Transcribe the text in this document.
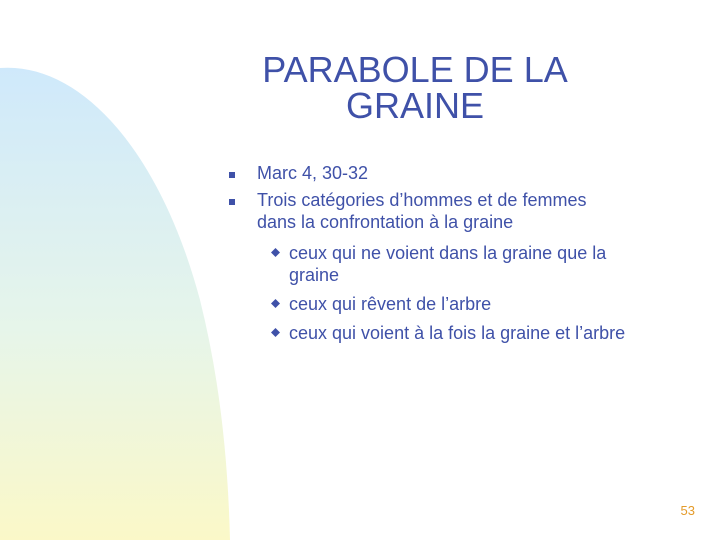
PARABOLE DE LA
GRAINE
Marc 4, 30-32
Trois catégories d’hommes et de femmes
dans la confrontation à la graine
ceux qui ne voient dans la graine que la
graine
ceux qui rêvent de l’arbre
ceux qui voient à la fois la graine et l’arbre
53
